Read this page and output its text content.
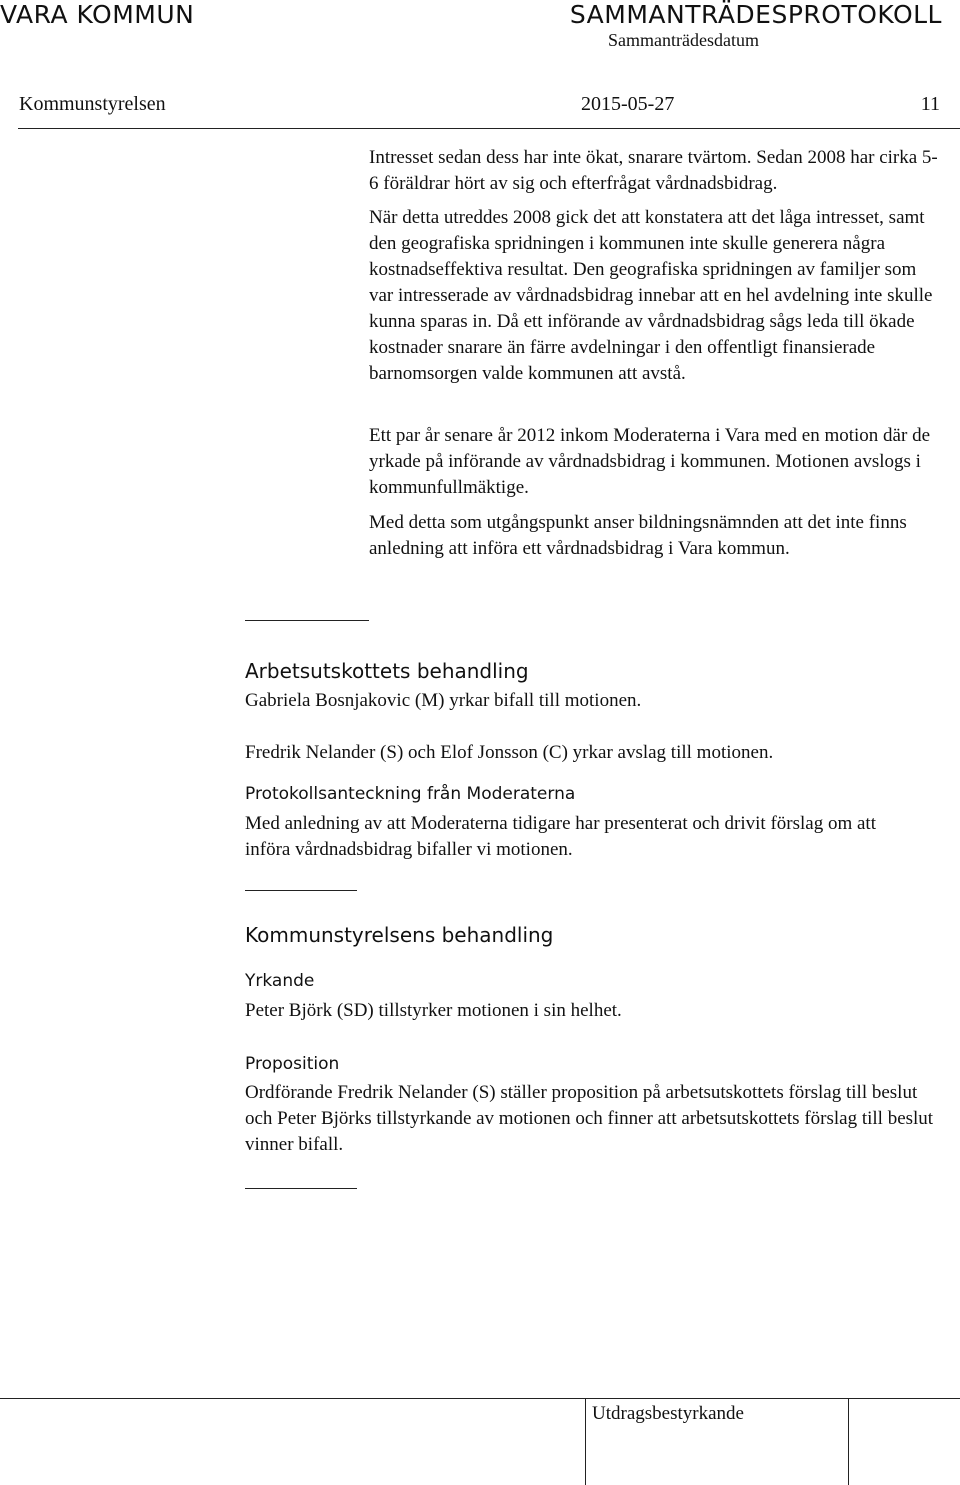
VARA KOMMUN	SAMMANTRÄDESPROTOKOLL
Sammanträdesdatum
Kommunstyrelsen	2015-05-27	11

Intresset sedan dess har inte ökat, snarare tvärtom. Sedan 2008 har cirka 5-6 föräldrar hört av sig och efterfrågat vårdnadsbidrag.

När detta utreddes 2008 gick det att konstatera att det låga intresset, samt den geografiska spridningen i kommunen inte skulle generera några kostnadseffektiva resultat. Den geografiska spridningen av familjer som var intresserade av vårdnadsbidrag innebar att en hel avdelning inte skulle kunna sparas in. Då ett införande av vårdnadsbidrag sågs leda till ökade kostnader snarare än färre avdelningar i den offentligt finansierade barnomsorgen valde kommunen att avstå.

Ett par år senare år 2012 inkom Moderaterna i Vara med en motion där de yrkade på införande av vårdnadsbidrag i kommunen. Motionen avslogs i kommunfullmäktige.

Med detta som utgångspunkt anser bildningsnämnden att det inte finns anledning att införa ett vårdnadsbidrag i Vara kommun.

Arbetsutskottets behandling

Gabriela Bosnjakovic (M) yrkar bifall till motionen.

Fredrik Nelander (S) och Elof Jonsson (C) yrkar avslag till motionen.

Protokollsanteckning från Moderaterna

Med anledning av att Moderaterna tidigare har presenterat och drivit förslag om att införa vårdnadsbidrag bifaller vi motionen.

Kommunstyrelsens behandling
Yrkande

Peter Björk (SD) tillstyrker motionen i sin helhet.

Proposition

Ordförande Fredrik Nelander (S) ställer proposition på arbetsutskottets förslag till beslut och Peter Björks tillstyrkande av motionen och finner att arbetsutskottets förslag till beslut vinner bifall.

Utdragsbestyrkande
